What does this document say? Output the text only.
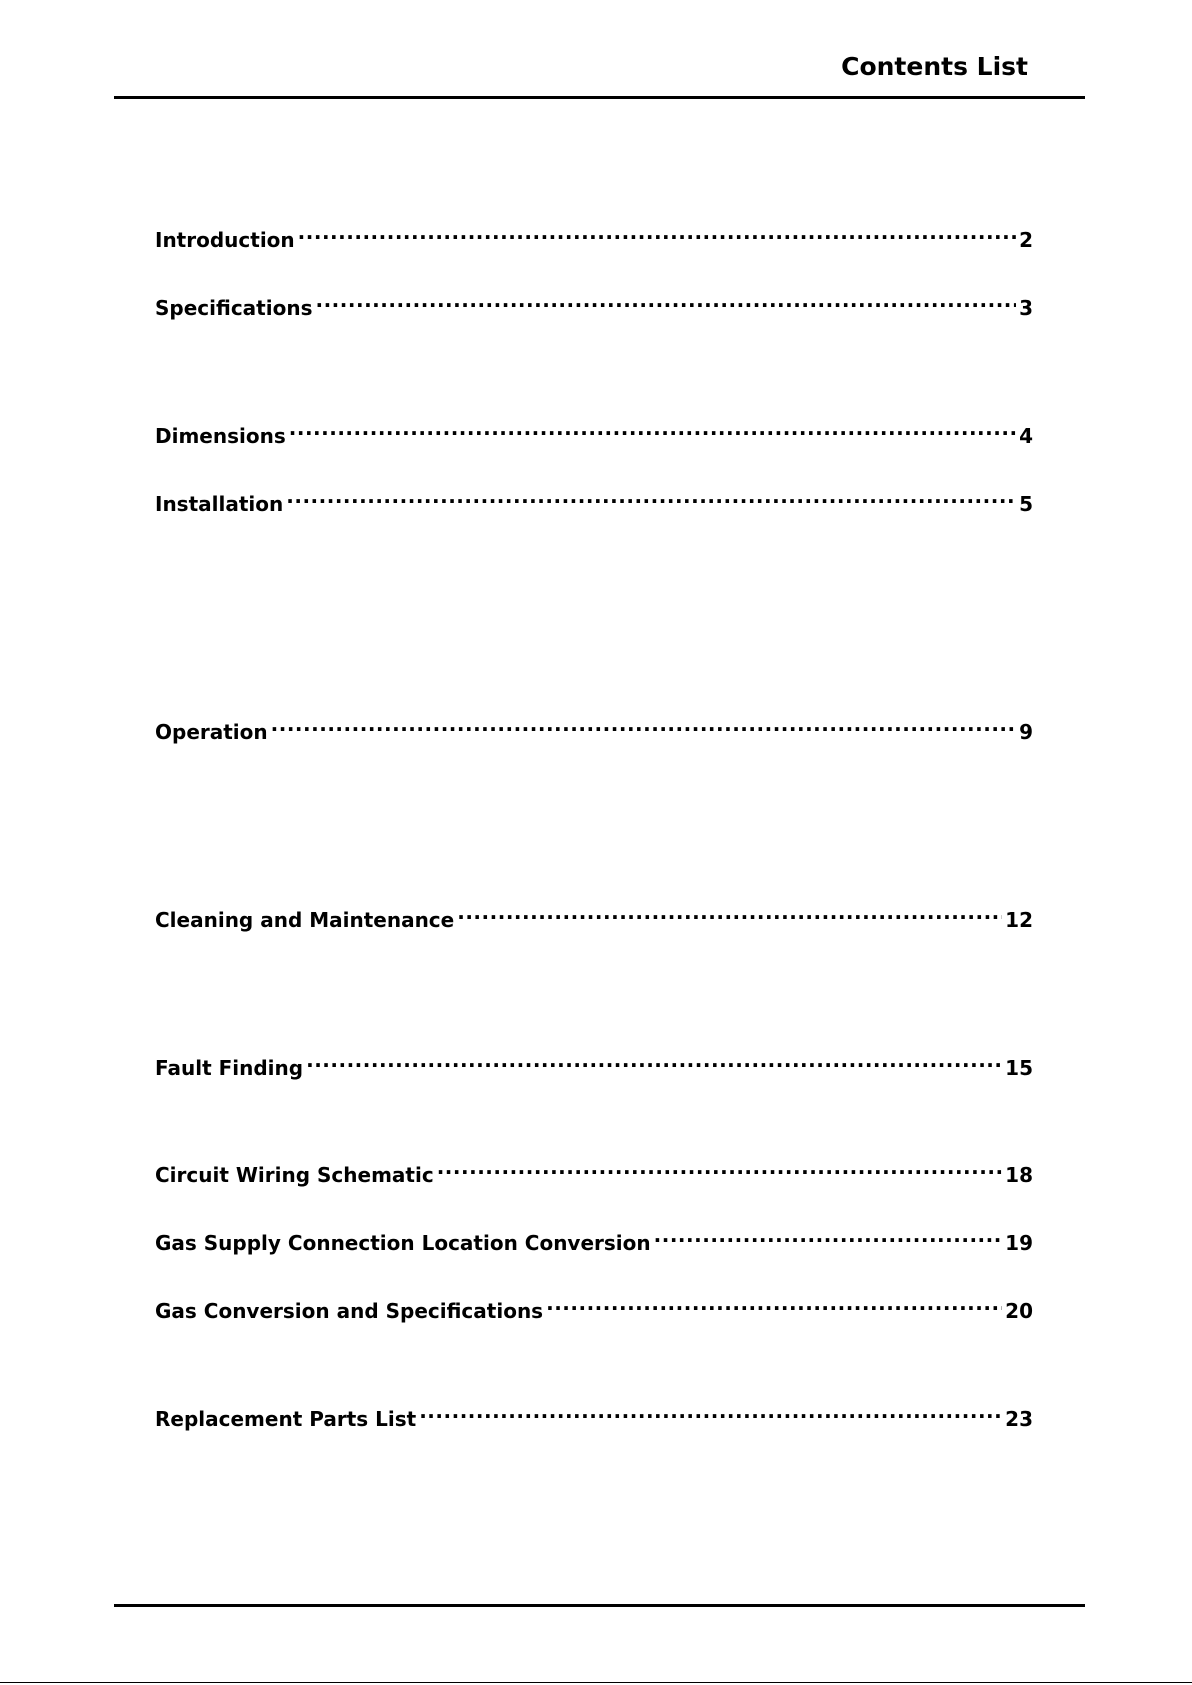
Contents List
Introduction .....	2
Specifications .....	3
Dimensions .....	4
Installation .....	5
Operation .....	9
Cleaning and Maintenance .....	12
Fault Finding .....	15
Circuit Wiring Schematic .....	18
Gas Supply Connection Location Conversion .....	19
Gas Conversion and Specifications .....	20
Replacement Parts List .....	23
